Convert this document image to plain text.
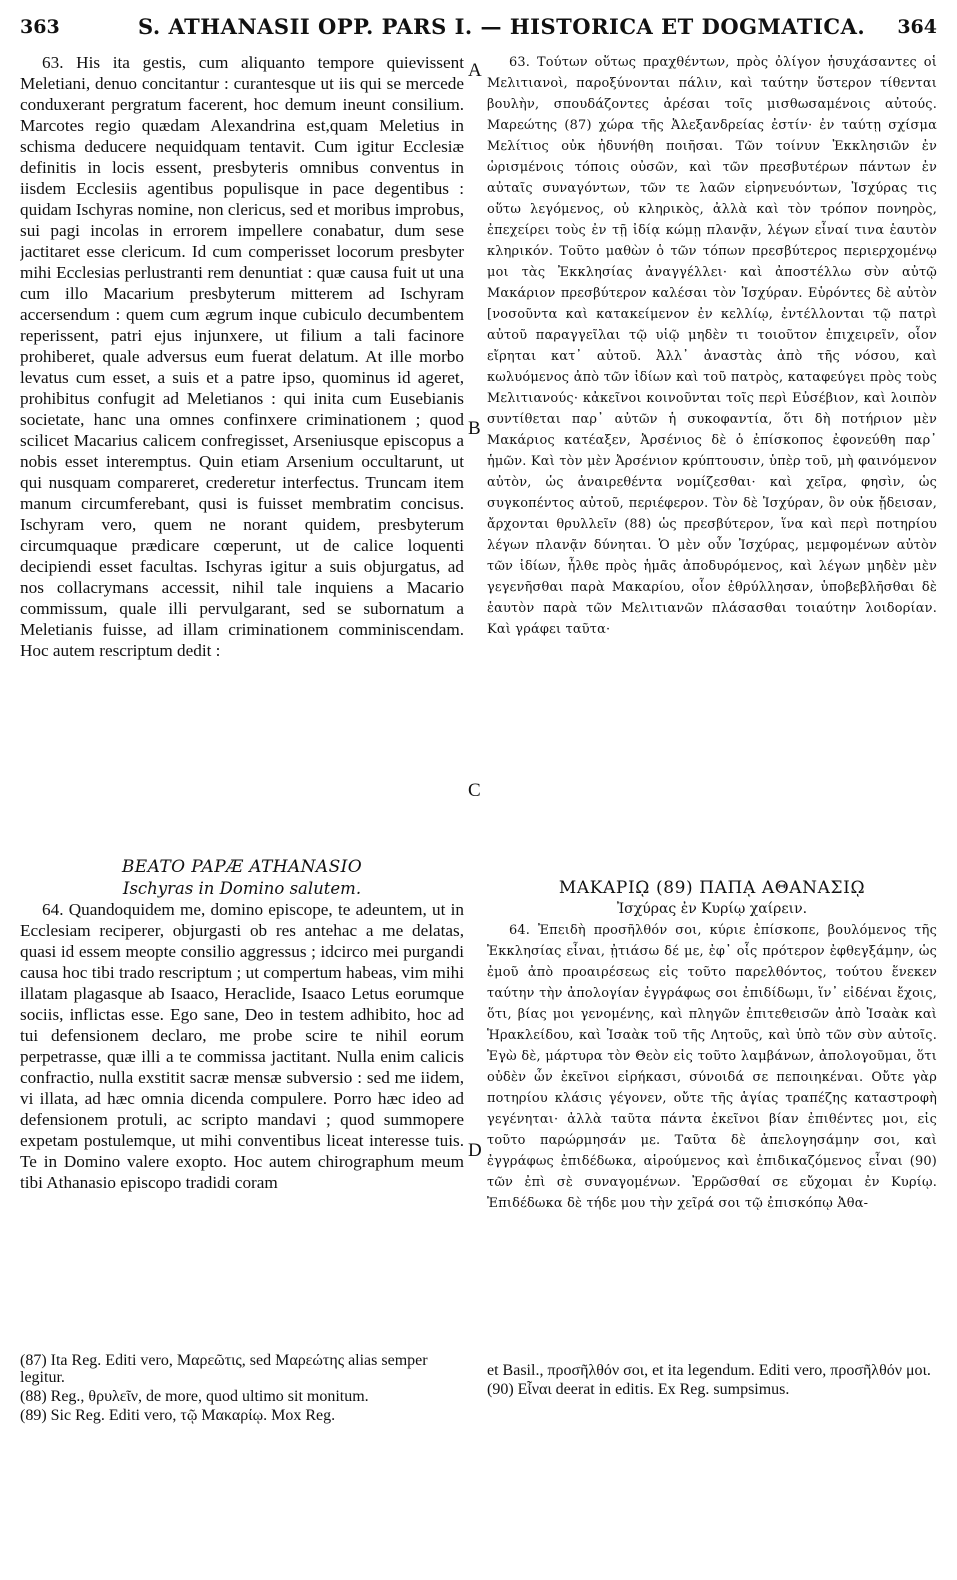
363	S. ATHANASII OPP. PARS I. — HISTORICA ET DOGMATICA. 364

63. His ita gestis, cum aliquanto tempore quievissent Meletiani, denuo concitantur : curantesque ut iis qui se mercede conduxerant pergratum facerent, hoc demum ineunt consilium. Marcotes regio quædam Alexandrina est,quam Meletius in schisma deducere nequidquam tentavit. Cum igitur Ecclesiæ definitis in locis essent, presbyteris omnibus conventus in iisdem Ecclesiis agentibus populisque in pace degentibus : quidam Ischyras nomine, non clericus, sed et moribus improbus, sui pagi incolas in errorem impellere conabatur, dum sese jactitaret esse clericum. Id cum comperisset locorum presbyter mihi Ecclesias perlustranti rem denuntiat : quæ causa fuit ut una cum illo Macarium presbyterum mitterem ad Ischyram accersendum : quem cum ægrum inque cubiculo decumbentem reperissent, patri ejus injunxere, ut filium a tali facinore prohiberet, quale adversus eum fuerat delatum. At ille morbo levatus cum esset, a suis et a patre ipso, quominus id ageret, prohibitus confugit ad Meletianos : qui inita cum Eusebianis societate, hanc una omnes confinxere criminationem ; quod scilicet Macarius calicem confregisset, Arseniusque episcopus a nobis esset interemptus. Quin etiam Arsenium occultarunt, ut qui nusquam compareret, crederetur interfectus. Truncam item manum circumferebant, qusi is fuisset membratim concisus. Ischyram vero, quem ne norant quidem, presbyterum circumquaque prædicare cœperunt, ut de calice loquenti decipiendi esset facultas. Ischyras igitur a suis objurgatus, ad nos collacrymans accessit, nihil tale inquiens a Macario commissum, quale illi pervulgarant, sed se subornatum a Meletianis fuisse, ad illam criminationem comminiscendam. Hoc autem rescriptum dedit :

BEATO PAPÆ ATHANASIO

Ischyras in Domino salutem.

64. Quandoquidem me, domino episcope, te adeuntem, ut in Ecclesiam reciperer, objurgasti ob res antehac a me delatas, quasi id essem meopte consilio aggressus ; idcirco mei purgandi causa hoc tibi trado rescriptum ; ut compertum habeas, vim mihi illatam plagasque ab Isaaco, Heraclide, Isaaco Letus eorumque sociis, inflictas esse. Ego sane, Deo in testem adhibito, hoc ad tui defensionem declaro, me probe scire te nihil eorum perpetrasse, quæ illi a te commissa jactitant. Nulla enim calicis confractio, nulla exstitit sacræ mensæ subversio : sed me iidem, vi illata, ad hæc omnia dicenda compulere. Porro hæc ideo ad defensionem protuli, ac scripto mandavi ; quod summopere expetam postulemque, ut mihi conventibus liceat interesse tuis. Te in Domino valere exopto. Hoc autem chirographum meum tibi Athanasio episcopo tradidi coram

A
B
C
D

63. Τούτων οὕτως πραχθέντων, πρὸς ὀλίγον ἡσυχάσαντες οἱ Μελιτιανοὶ, παροξύνονται πάλιν, καὶ ταύτην ὕστερον τίθενται βουλὴν, σπουδάζοντες ἀρέσαι τοῖς μισθωσαμένοις αὐτούς. Μαρεώτης (87) χώρα τῆς Ἀλεξανδρείας ἐστίν· ἐν ταύτῃ σχίσμα Μελίτιος οὐκ ἠδυνήθη ποιῆσαι. Τῶν τοίνυν Ἐκκλησιῶν ἐν ὡρισμένοις τόποις οὐσῶν, καὶ τῶν πρεσβυτέρων πάντων ἐν αὐταῖς συναγόντων, τῶν τε λαῶν εἰρηνευόντων, Ἰσχύρας τις οὕτω λεγόμενος, οὐ κληρικὸς, ἀλλὰ καὶ τὸν τρόπον πονηρὸς, ἐπεχείρει τοὺς ἐν τῇ ἰδίᾳ κώμῃ πλανᾷν, λέγων εἶναί τινα ἑαυτὸν κληρικόν. Τοῦτο μαθὼν ὁ τῶν τόπων πρεσβύτερος περιερχομένῳ μοι τὰς Ἐκκλησίας ἀναγγέλλει· καὶ ἀποστέλλω σὺν αὐτῷ Μακάριον πρεσβύτερον καλέσαι τὸν Ἰσχύραν. Εὑρόντες δὲ αὐτὸν [νοσοῦντα καὶ κατακείμενον ἐν κελλίῳ, ἐντέλλονται τῷ πατρὶ αὐτοῦ παραγγεῖλαι τῷ υἱῷ μηδὲν τι τοιοῦτον ἐπιχειρεῖν, οἷον εἴρηται κατ᾽ αὐτοῦ. Ἀλλ᾽ ἀναστὰς ἀπὸ τῆς νόσου, καὶ κωλυόμενος ἀπὸ τῶν ἰδίων καὶ τοῦ πατρὸς, καταφεύγει πρὸς τοὺς Μελιτιανούς· κἀκεῖνοι κοινοῦνται τοῖς περὶ Εὐσέβιον, καὶ λοιπὸν συντίθεται παρ᾽ αὐτῶν ἡ συκοφαντία, ὅτι δὴ ποτήριον μὲν Μακάριος κατέαξεν, Ἀρσένιος δὲ ὁ ἐπίσκοπος ἐφονεύθη παρ᾽ ἡμῶν. Καὶ τὸν μὲν Ἀρσένιον κρύπτουσιν, ὑπὲρ τοῦ, μὴ φαινόμενον αὐτὸν, ὡς ἀναιρεθέντα νομίζεσθαι· καὶ χεῖρα, φησὶν, ὡς συγκοπέντος αὐτοῦ, περιέφερον. Τὸν δὲ Ἰσχύραν, ὃν οὐκ ᾔδεισαν, ἄρχονται θρυλλεῖν (88) ὡς πρεσβύτερον, ἵνα καὶ περὶ ποτηρίου λέγων πλανᾷν δύνηται. Ὁ μὲν οὖν Ἰσχύρας, μεμφομένων αὐτὸν τῶν ἰδίων, ἦλθε πρὸς ἡμᾶς ἀποδυρόμενος, καὶ λέγων μηδὲν μὲν γεγενῆσθαι παρὰ Μακαρίου, οἷον ἐθρύλλησαν, ὑποβεβλῆσθαι δὲ ἑαυτὸν παρὰ τῶν Μελιτιανῶν πλάσασθαι τοιαύτην λοιδορίαν. Καὶ γράφει ταῦτα·

ΜΑΚΑΡΙῼ (89) ΠΑΠᾼ ΑΘΑΝΑΣΙῼ

Ἰσχύρας ἐν Κυρίῳ χαίρειν.

64. Ἐπειδὴ προσῆλθόν σοι, κύριε ἐπίσκοπε, βουλόμενος τῆς Ἐκκλησίας εἶναι, ᾐτιάσω δέ με, ἐφ᾽ οἷς πρότερον ἐφθεγξάμην, ὡς ἐμοῦ ἀπὸ προαιρέσεως εἰς τοῦτο παρελθόντος, τούτου ἕνεκεν ταύτην τὴν ἀπολογίαν ἐγγράφως σοι ἐπιδίδωμι, ἵν᾽ εἰδέναι ἔχοις, ὅτι, βίας μοι γενομένης, καὶ πληγῶν ἐπιτεθεισῶν ἀπὸ Ἰσαὰκ καὶ Ἡρακλείδου, καὶ Ἰσαὰκ τοῦ τῆς Λητοῦς, καὶ ὑπὸ τῶν σὺν αὐτοῖς. Ἐγὼ δὲ, μάρτυρα τὸν Θεὸν εἰς τοῦτο λαμβάνων, ἀπολογοῦμαι, ὅτι οὐδὲν ὧν ἐκεῖνοι εἰρήκασι, σύνοιδά σε πεποιηκέναι. Οὔτε γὰρ ποτηρίου κλάσις γέγονεν, οὔτε τῆς ἁγίας τραπέζης καταστροφὴ γεγένηται· ἀλλὰ ταῦτα πάντα ἐκεῖνοι βίαν ἐπιθέντες μοι, εἰς τοῦτο παρώρμησάν με. Ταῦτα δὲ ἀπελογησάμην σοι, καὶ ἐγγράφως ἐπιδέδωκα, αἱρούμενος καὶ ἐπιδικαζόμενος εἶναι (90) τῶν ἐπὶ σὲ συναγομένων. Ἐρρῶσθαί σε εὔχομαι ἐν Κυρίῳ. Ἐπιδέδωκα δὲ τήδε μου τὴν χεῖρά σοι τῷ ἐπισκόπῳ Ἀθα-

(87) Ita Reg. Editi vero, Μαρεῶτις, sed Μαρεώτης alias semper legitur.

(88) Reg., θρυλεῖν, de more, quod ultimo sit monitum.

(89) Sic Reg. Editi vero, τῷ Μακαρίῳ. Mox Reg.

et Basil., προσῆλθόν σοι, et ita legendum. Editi vero, προσῆλθόν μοι.

(90) Εἶναι deerat in editis. Ex Reg. sumpsimus.
